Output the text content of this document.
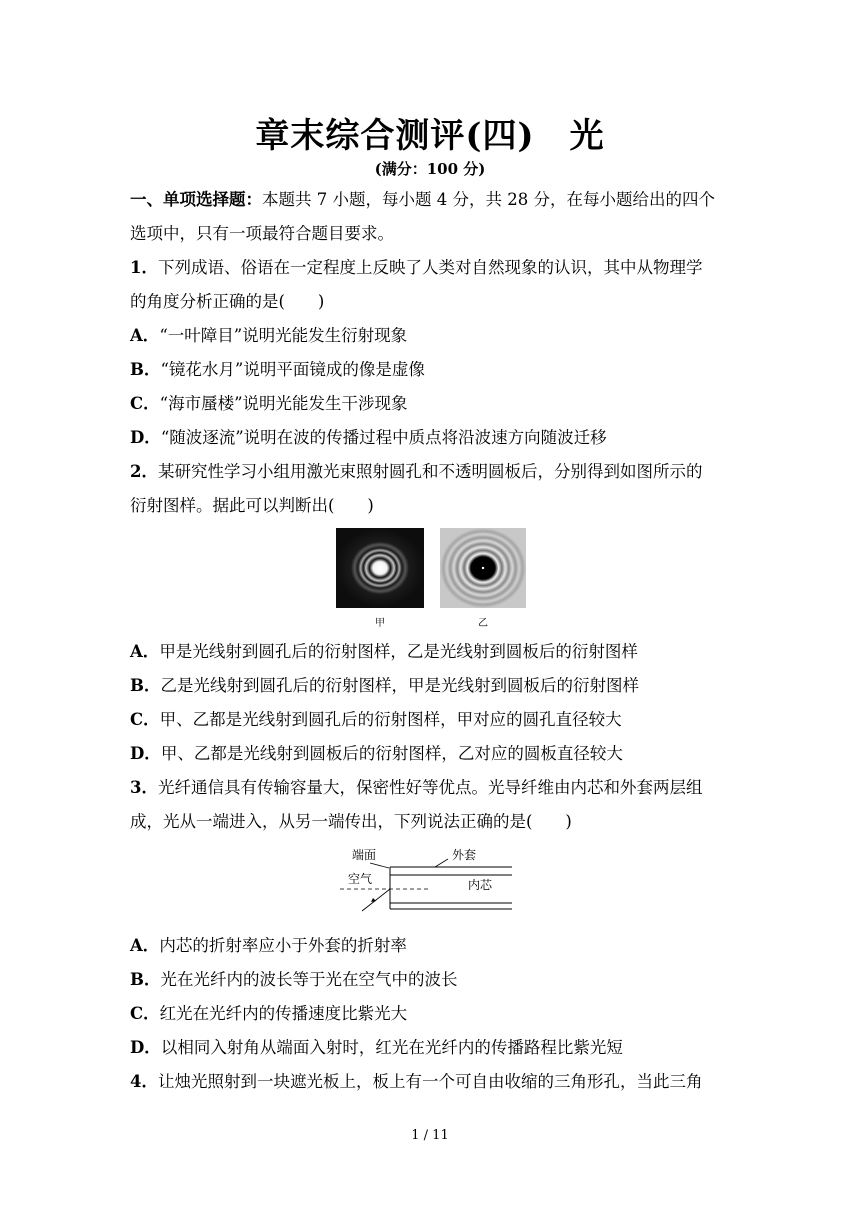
章末综合测评(四)　光
(满分：100 分)
一、单项选择题：本题共 7 小题，每小题 4 分，共 28 分，在每小题给出的四个
选项中，只有一项最符合题目要求。
1．下列成语、俗语在一定程度上反映了人类对自然现象的认识，其中从物理学
的角度分析正确的是(　　)
A．“一叶障目”说明光能发生衍射现象
B．“镜花水月”说明平面镜成的像是虚像
C．“海市蜃楼”说明光能发生干涉现象
D．“随波逐流”说明在波的传播过程中质点将沿波速方向随波迁移
2．某研究性学习小组用激光束照射圆孔和不透明圆板后，分别得到如图所示的
衍射图样。据此可以判断出(　　)
甲	乙
A．甲是光线射到圆孔后的衍射图样，乙是光线射到圆板后的衍射图样
B．乙是光线射到圆孔后的衍射图样，甲是光线射到圆板后的衍射图样
C．甲、乙都是光线射到圆孔后的衍射图样，甲对应的圆孔直径较大
D．甲、乙都是光线射到圆板后的衍射图样，乙对应的圆板直径较大
3．光纤通信具有传输容量大，保密性好等优点。光导纤维由内芯和外套两层组
成，光从一端进入，从另一端传出，下列说法正确的是(　　)
端面	外套
空气	内芯
A．内芯的折射率应小于外套的折射率
B．光在光纤内的波长等于光在空气中的波长
C．红光在光纤内的传播速度比紫光大
D．以相同入射角从端面入射时，红光在光纤内的传播路程比紫光短
4．让烛光照射到一块遮光板上，板上有一个可自由收缩的三角形孔，当此三角
1 / 11
